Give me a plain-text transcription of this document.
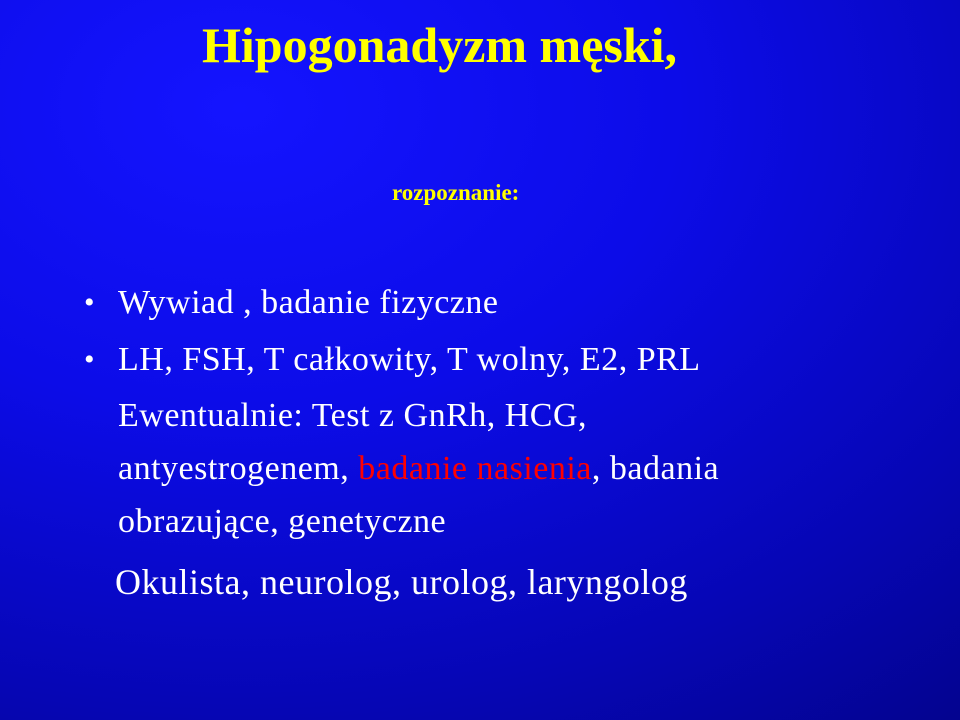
Hipogonadyzm męski,
rozpoznanie:
• Wywiad , badanie fizyczne
• LH, FSH, T całkowity, T wolny, E2, PRL
Ewentualnie: Test z GnRh, HCG,
antyestrogenem, badanie nasienia, badania
obrazujące, genetyczne
Okulista, neurolog, urolog, laryngolog
